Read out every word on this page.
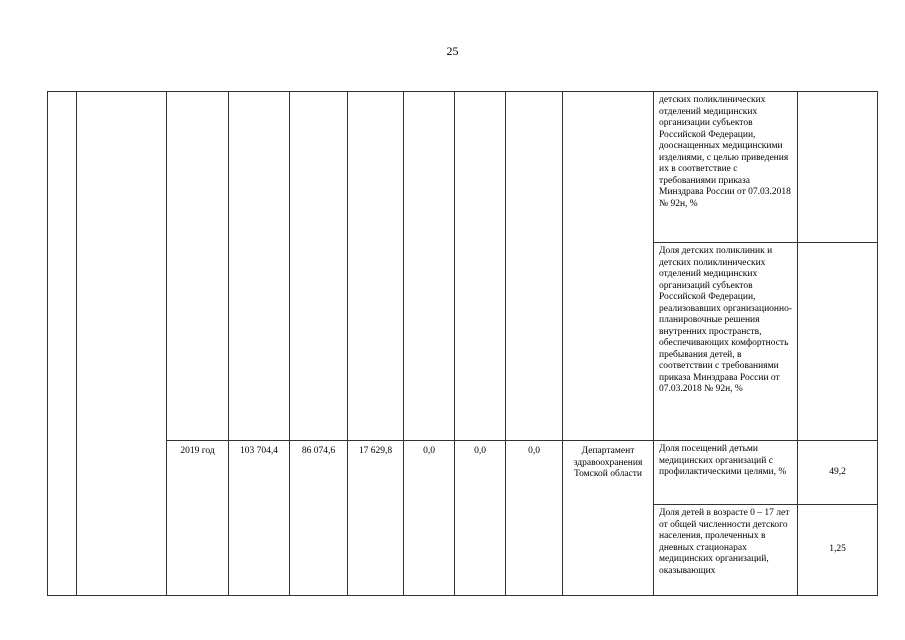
25
										детских поликлинических отделений медицинских организации субъектов Российской Федерации, дооснащенных медицинскими изделиями, с целью приведения их в соответствие с требованиями приказа Минздрава России от 07.03.2018 № 92н, %	
										Доля детских поликлиник и детских поликлинических отделений медицинских организаций субъектов Российской Федерации, реализовавших организационно-планировочные решения внутренних пространств, обеспечивающих комфортность пребывания детей, в соответствии с требованиями приказа Минздрава России от 07.03.2018 № 92н, %	
		2019 год	103 704,4	86 074,6	17 629,8	0,0	0,0	0,0	Департамент здравоохранения Томской области	Доля посещений детьми медицинских организаций с профилактическими целями, %	49,2
										Доля детей в возрасте 0 – 17 лет от общей численности детского населения, пролеченных в дневных стационарах медицинских организаций, оказывающих	1,25
